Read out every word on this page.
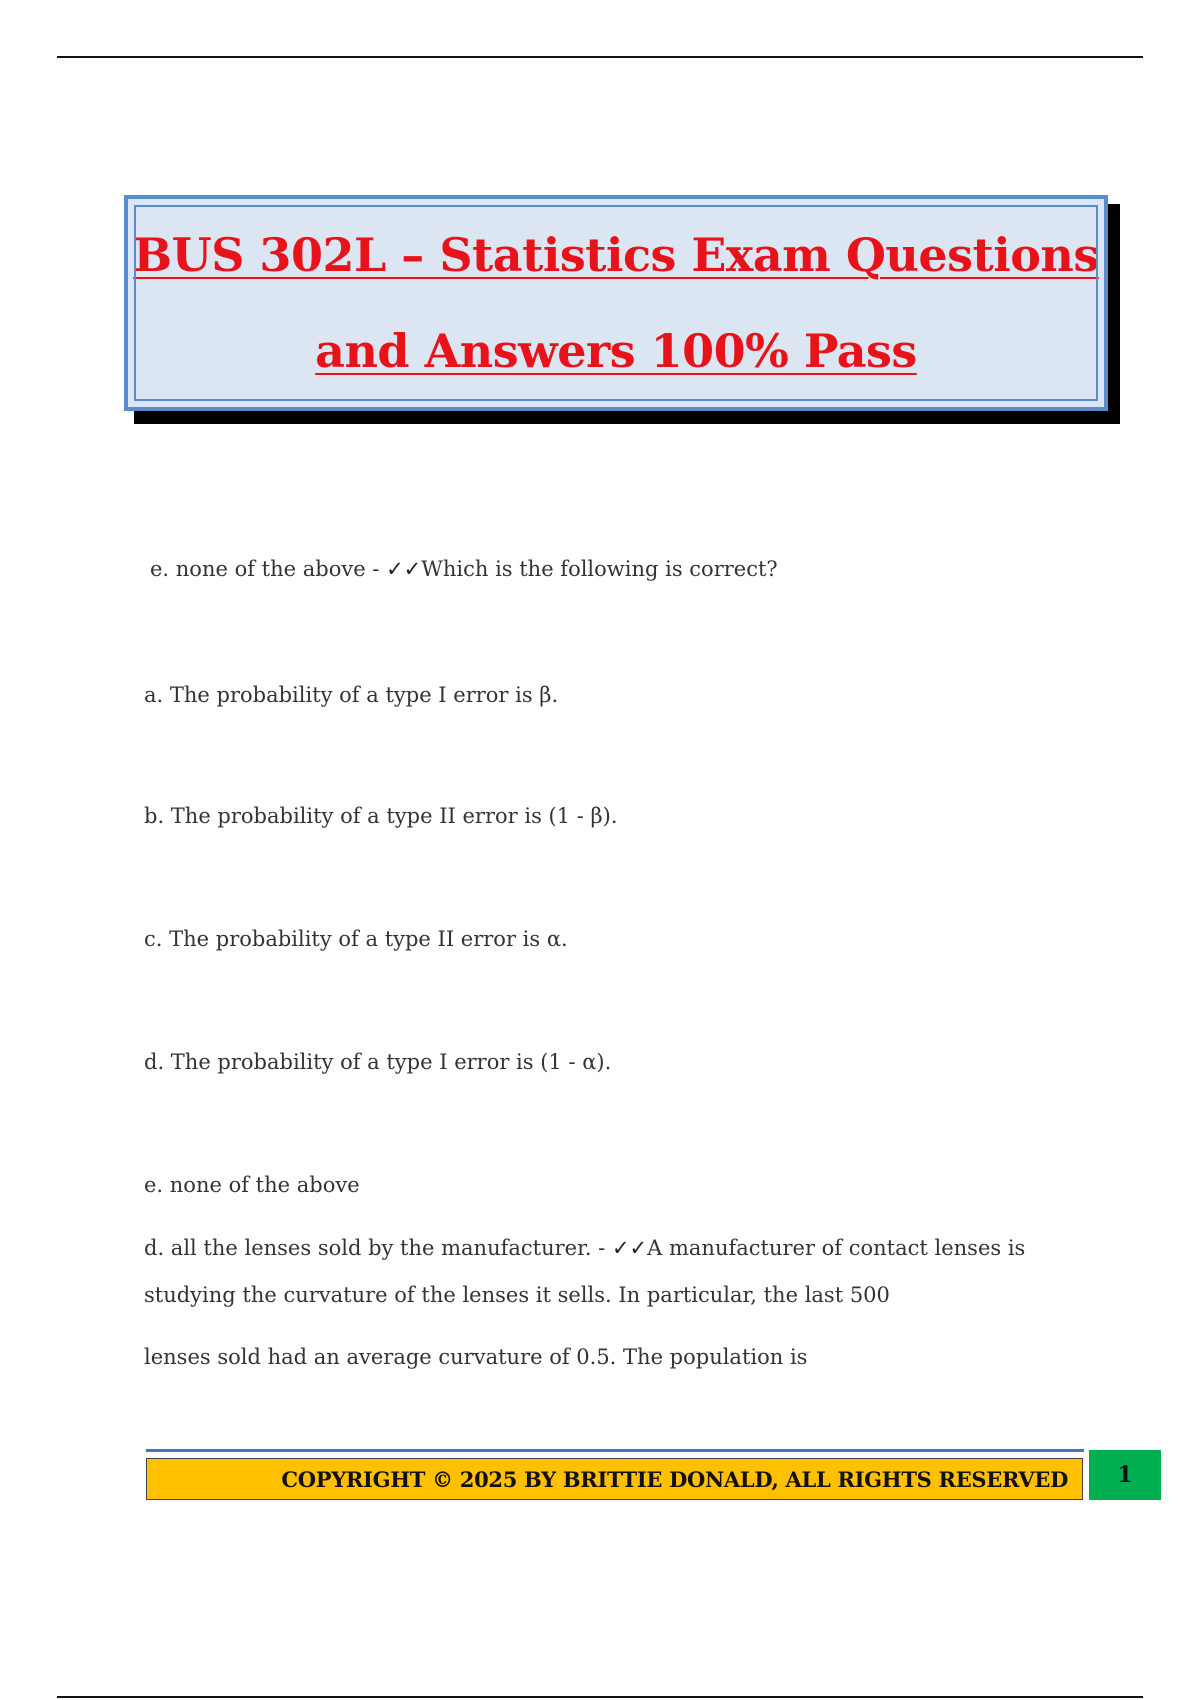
BUS 302L – Statistics Exam Questions
and Answers 100% Pass
e. none of the above - ✓✓Which is the following is correct?
a. The probability of a type I error is β.
b. The probability of a type II error is (1 - β).
c. The probability of a type II error is α.
d. The probability of a type I error is (1 - α).
e. none of the above
d. all the lenses sold by the manufacturer. - ✓✓A manufacturer of contact lenses is
studying the curvature of the lenses it sells. In particular, the last 500
lenses sold had an average curvature of 0.5. The population is
COPYRIGHT © 2025 BY BRITTIE DONALD, ALL RIGHTS RESERVED 1
